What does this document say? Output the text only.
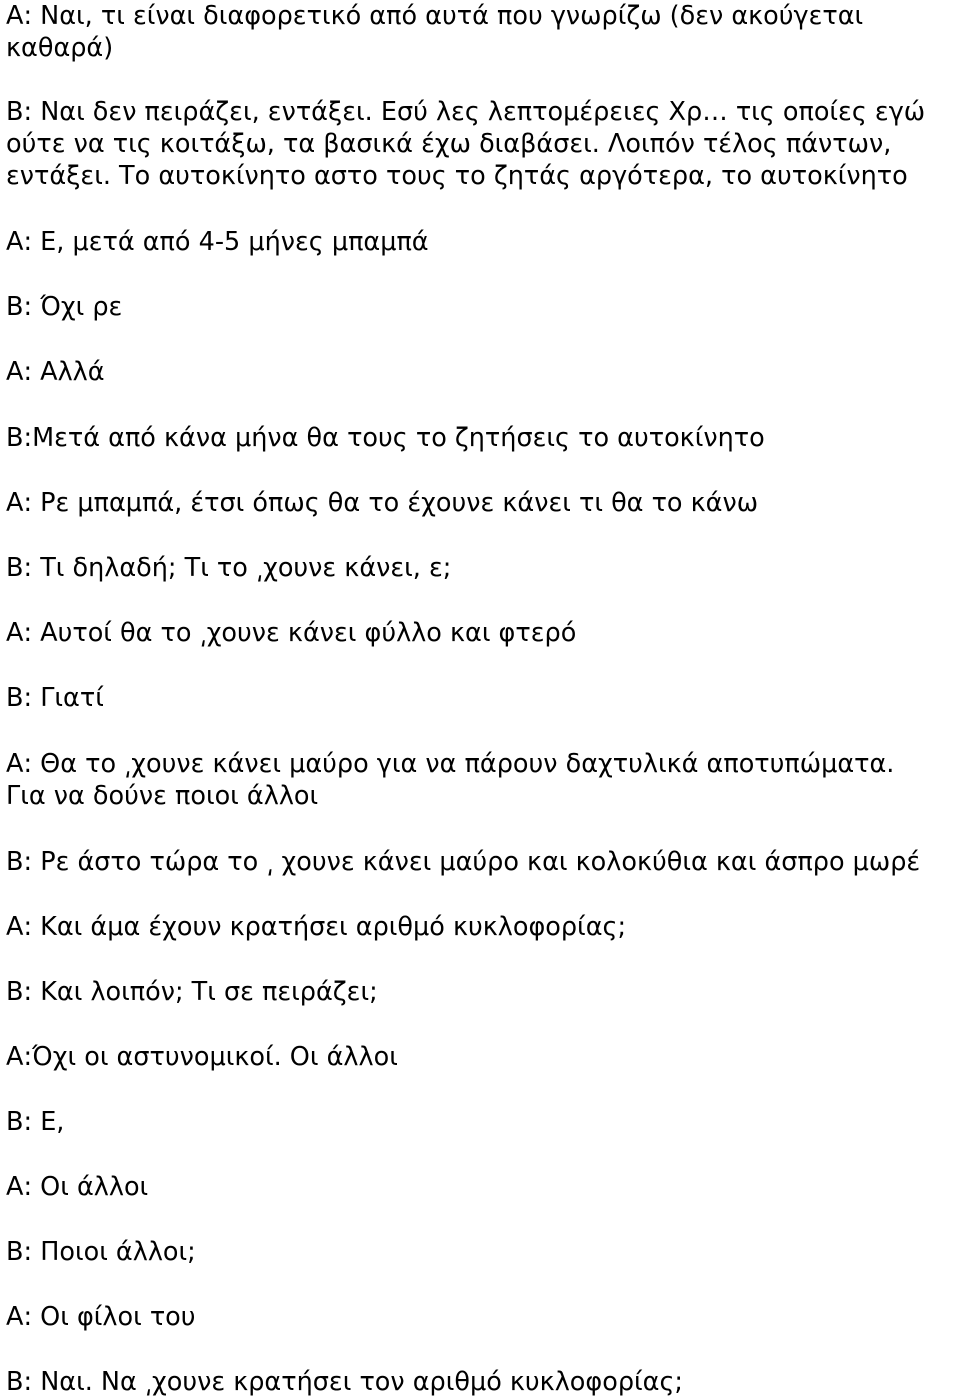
Α: Ναι, τι είναι διαφορετικό από αυτά που γνωρίζω (δεν ακούγεται
καθαρά)
Β: Ναι δεν πειράζει, εντάξει. Εσύ λες λεπτομέρειες Χρ… τις οποίες εγώ
ούτε να τις κοιτάξω, τα βασικά έχω διαβάσει. Λοιπόν τέλος πάντων,
εντάξει. Το αυτοκίνητο αστο τους το ζητάς αργότερα, το αυτοκίνητο
Α: Ε, μετά από 4-5 μήνες μπαμπά
Β: Όχι ρε
Α: Αλλά
Β:Μετά από κάνα μήνα θα τους το ζητήσεις το αυτοκίνητο
Α: Ρε μπαμπά, έτσι όπως θα το έχουνε κάνει τι θα το κάνω
Β: Τι δηλαδή; Τι το ͵χουνε κάνει, ε;
Α: Αυτοί θα το ͵χουνε κάνει φύλλο και φτερό
Β: Γιατί
Α: Θα το ͵χουνε κάνει μαύρο για να πάρουν δαχτυλικά αποτυπώματα.
Για να δούνε ποιοι άλλοι
Β: Ρε άστο τώρα το ͵ χουνε κάνει μαύρο και κολοκύθια και άσπρο μωρέ
Α: Και άμα έχουν κρατήσει αριθμό κυκλοφορίας;
Β: Και λοιπόν; Τι σε πειράζει;
Α:Όχι οι αστυνομικοί. Οι άλλοι
Β: Ε,
Α: Οι άλλοι
Β: Ποιοι άλλοι;
Α: Οι φίλοι του
Β: Ναι. Να ͵χουνε κρατήσει τον αριθμό κυκλοφορίας;
